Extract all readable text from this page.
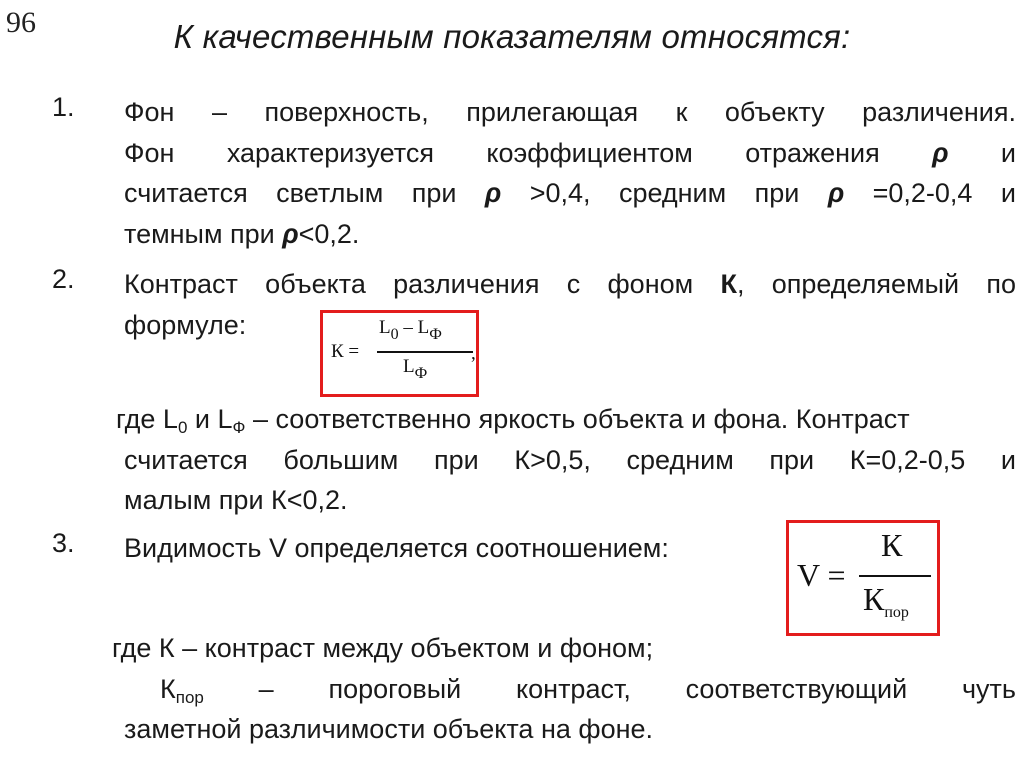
96	К качественным показателям относятся:
1. Фон – поверхность, прилегающая к объекту различения.
Фон характеризуется коэффициентом отражения ρ и
считается светлым при ρ >0,4, средним при ρ =0,2-0,4 и
темным при ρ<0,2.
2. Контраст объекта различения с фоном К, определяемый по
формуле:
К =
$L_0 - L_Ф$
$L_Ф$
,
где $L_0$ и $L_Ф$ – соответственно яркость объекта и фона. Контраст
считается большим при К>0,5, средним при К=0,2-0,5 и
малым при К<0,2.
3. Видимость V определяется соотношением:
V =
К
$К_{пор}$
где К – контраст между объектом и фоном;
$К_{пор}$ – пороговый контраст, соответствующий чуть
заметной различимости объекта на фоне.
